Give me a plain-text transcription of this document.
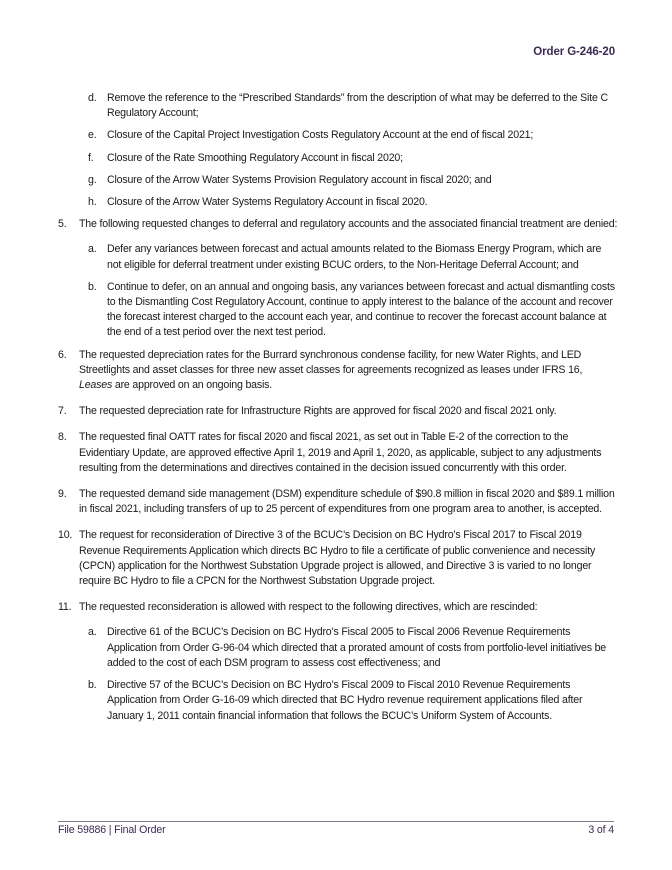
Order G-246-20
d. Remove the reference to the “Prescribed Standards” from the description of what may be deferred to the Site C Regulatory Account;
e. Closure of the Capital Project Investigation Costs Regulatory Account at the end of fiscal 2021;
f. Closure of the Rate Smoothing Regulatory Account in fiscal 2020;
g. Closure of the Arrow Water Systems Provision Regulatory account in fiscal 2020; and
h. Closure of the Arrow Water Systems Regulatory Account in fiscal 2020.
5. The following requested changes to deferral and regulatory accounts and the associated financial treatment are denied:
a. Defer any variances between forecast and actual amounts related to the Biomass Energy Program, which are not eligible for deferral treatment under existing BCUC orders, to the Non-Heritage Deferral Account; and
b. Continue to defer, on an annual and ongoing basis, any variances between forecast and actual dismantling costs to the Dismantling Cost Regulatory Account, continue to apply interest to the balance of the account and recover the forecast interest charged to the account each year, and continue to recover the forecast account balance at the end of a test period over the next test period.
6. The requested depreciation rates for the Burrard synchronous condense facility, for new Water Rights, and LED Streetlights and asset classes for three new asset classes for agreements recognized as leases under IFRS 16, Leases are approved on an ongoing basis.
7. The requested depreciation rate for Infrastructure Rights are approved for fiscal 2020 and fiscal 2021 only.
8. The requested final OATT rates for fiscal 2020 and fiscal 2021, as set out in Table E-2 of the correction to the Evidentiary Update, are approved effective April 1, 2019 and April 1, 2020, as applicable, subject to any adjustments resulting from the determinations and directives contained in the decision issued concurrently with this order.
9. The requested demand side management (DSM) expenditure schedule of $90.8 million in fiscal 2020 and $89.1 million in fiscal 2021, including transfers of up to 25 percent of expenditures from one program area to another, is accepted.
10. The request for reconsideration of Directive 3 of the BCUC’s Decision on BC Hydro’s Fiscal 2017 to Fiscal 2019 Revenue Requirements Application which directs BC Hydro to file a certificate of public convenience and necessity (CPCN) application for the Northwest Substation Upgrade project is allowed, and Directive 3 is varied to no longer require BC Hydro to file a CPCN for the Northwest Substation Upgrade project.
11. The requested reconsideration is allowed with respect to the following directives, which are rescinded:
a. Directive 61 of the BCUC’s Decision on BC Hydro’s Fiscal 2005 to Fiscal 2006 Revenue Requirements Application from Order G-96-04 which directed that a prorated amount of costs from portfolio-level initiatives be added to the cost of each DSM program to assess cost effectiveness; and
b. Directive 57 of the BCUC’s Decision on BC Hydro’s Fiscal 2009 to Fiscal 2010 Revenue Requirements Application from Order G-16-09 which directed that BC Hydro revenue requirement applications filed after January 1, 2011 contain financial information that follows the BCUC’s Uniform System of Accounts.
File 59886 | Final Order	3 of 4
